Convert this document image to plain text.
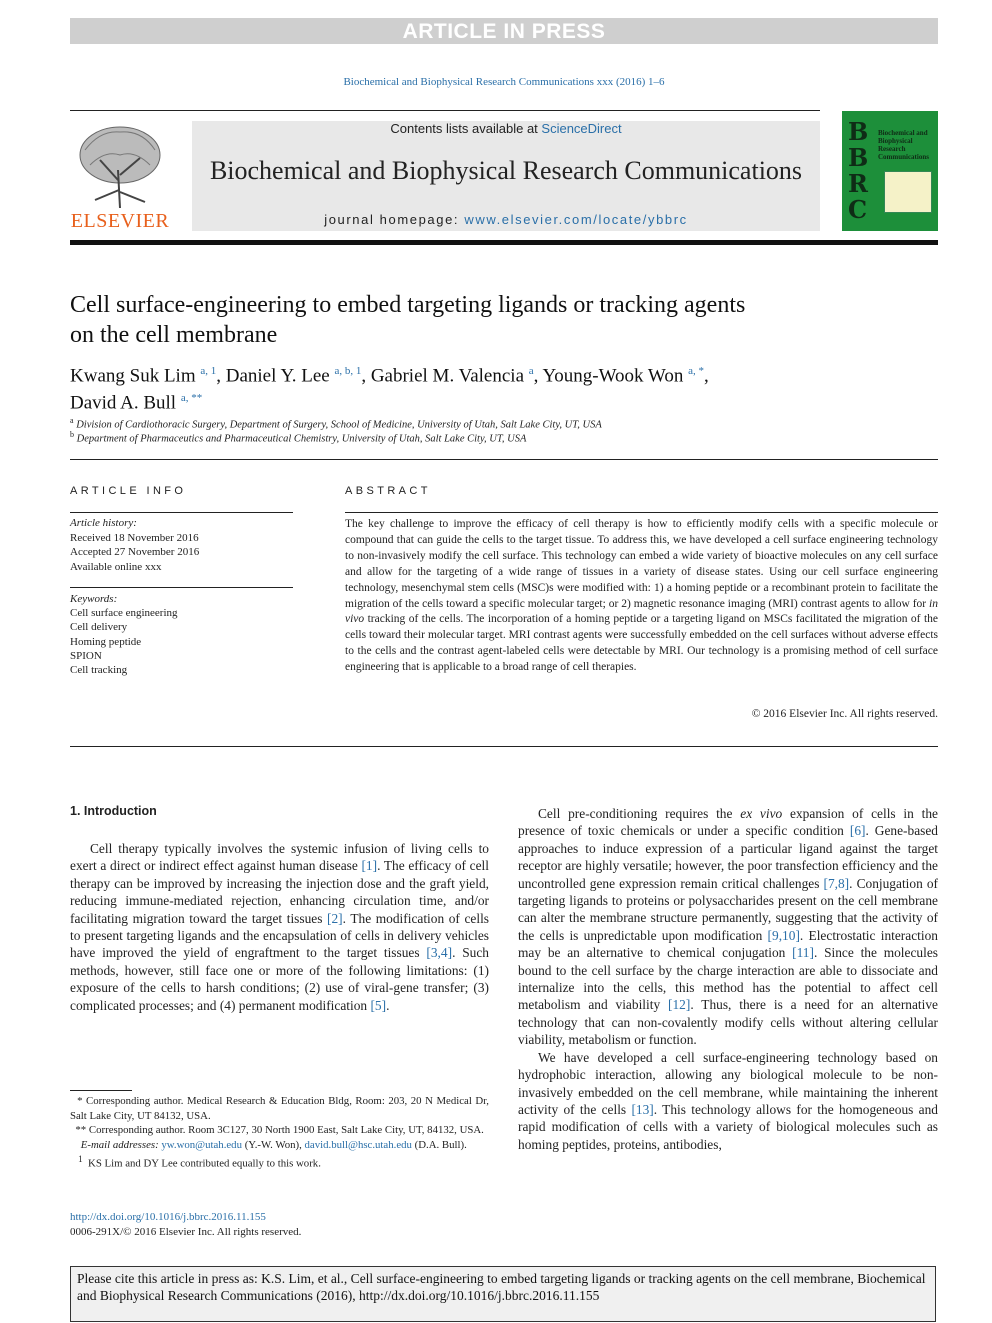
ARTICLE IN PRESS
Biochemical and Biophysical Research Communications xxx (2016) 1–6
ELSEVIER
Contents lists available at ScienceDirect
Biochemical and Biophysical Research Communications
journal homepage: www.elsevier.com/locate/ybbrc
B
B
R
C
Biochemical and Biophysical Research Communications
Cell surface-engineering to embed targeting ligands or tracking agents
on the cell membrane
Kwang Suk Lim $^{a, 1}$, Daniel Y. Lee $^{a, b, 1}$, Gabriel M. Valencia $^a$, Young-Wook Won $^{a, *}$,
David A. Bull $^{a, **}$
$^a$ Division of Cardiothoracic Surgery, Department of Surgery, School of Medicine, University of Utah, Salt Lake City, UT, USA
$^b$ Department of Pharmaceutics and Pharmaceutical Chemistry, University of Utah, Salt Lake City, UT, USA
ARTICLE INFO	ABSTRACT
Article history:
Received 18 November 2016
Accepted 27 November 2016
Available online xxx
Keywords:
Cell surface engineering
Cell delivery
Homing peptide
SPION
Cell tracking
The key challenge to improve the efficacy of cell therapy is how to efficiently modify cells with a specific molecule or compound that can guide the cells to the target tissue. To address this, we have developed a cell surface engineering technology to non-invasively modify the cell surface. This technology can embed a wide variety of bioactive molecules on any cell surface and allow for the targeting of a wide range of tissues in a variety of disease states. Using our cell surface engineering technology, mesenchymal stem cells (MSC)s were modified with: 1) a homing peptide or a recombinant protein to facilitate the migration of the cells toward a specific molecular target; or 2) magnetic resonance imaging (MRI) contrast agents to allow for in vivo tracking of the cells. The incorporation of a homing peptide or a targeting ligand on MSCs facilitated the migration of the cells toward their molecular target. MRI contrast agents were successfully embedded on the cell surfaces without adverse effects to the cells and the contrast agent-labeled cells were detectable by MRI. Our technology is a promising method of cell surface engineering that is applicable to a broad range of cell therapies.
© 2016 Elsevier Inc. All rights reserved.
1. Introduction
Cell therapy typically involves the systemic infusion of living cells to exert a direct or indirect effect against human disease [1]. The efficacy of cell therapy can be improved by increasing the injection dose and the graft yield, reducing immune-mediated rejection, enhancing circulation time, and/or facilitating migration toward the target tissues [2]. The modification of cells to present targeting ligands and the encapsulation of cells in delivery vehicles have improved the yield of engraftment to the target tissues [3,4]. Such methods, however, still face one or more of the following limitations: (1) exposure of the cells to harsh conditions; (2) use of viral-gene transfer; (3) complicated processes; and (4) permanent modification [5].

Cell pre-conditioning requires the ex vivo expansion of cells in the presence of toxic chemicals or under a specific condition [6]. Gene-based approaches to induce expression of a particular ligand against the target receptor are highly versatile; however, the poor transfection efficiency and the uncontrolled gene expression remain critical challenges [7,8]. Conjugation of targeting ligands to proteins or polysaccharides present on the cell membrane can alter the membrane structure permanently, suggesting that the activity of the cells is unpredictable upon modification [9,10]. Electrostatic interaction may be an alternative to chemical conjugation [11]. Since the molecules bound to the cell surface by the charge interaction are able to dissociate and internalize into the cells, this method has the potential to affect cell metabolism and viability [12]. Thus, there is a need for an alternative technology that can non-covalently modify cells without altering cellular viability, metabolism or function.

We have developed a cell surface-engineering technology based on hydrophobic interaction, allowing any biological molecule to be non-invasively embedded on the cell membrane, while maintaining the inherent activity of the cells [13]. This technology allows for the homogeneous and rapid modification of cells with a variety of biological molecules such as homing peptides, proteins, antibodies,

* Corresponding author. Medical Research & Education Bldg, Room: 203, 20 N Medical Dr, Salt Lake City, UT 84132, USA.
** Corresponding author. Room 3C127, 30 North 1900 East, Salt Lake City, UT, 84132, USA.
E-mail addresses: yw.won@utah.edu (Y.-W. Won), david.bull@hsc.utah.edu (D.A. Bull).
$^1$ KS Lim and DY Lee contributed equally to this work.
http://dx.doi.org/10.1016/j.bbrc.2016.11.155
0006-291X/© 2016 Elsevier Inc. All rights reserved.
Please cite this article in press as: K.S. Lim, et al., Cell surface-engineering to embed targeting ligands or tracking agents on the cell membrane, Biochemical and Biophysical Research Communications (2016), http://dx.doi.org/10.1016/j.bbrc.2016.11.155
